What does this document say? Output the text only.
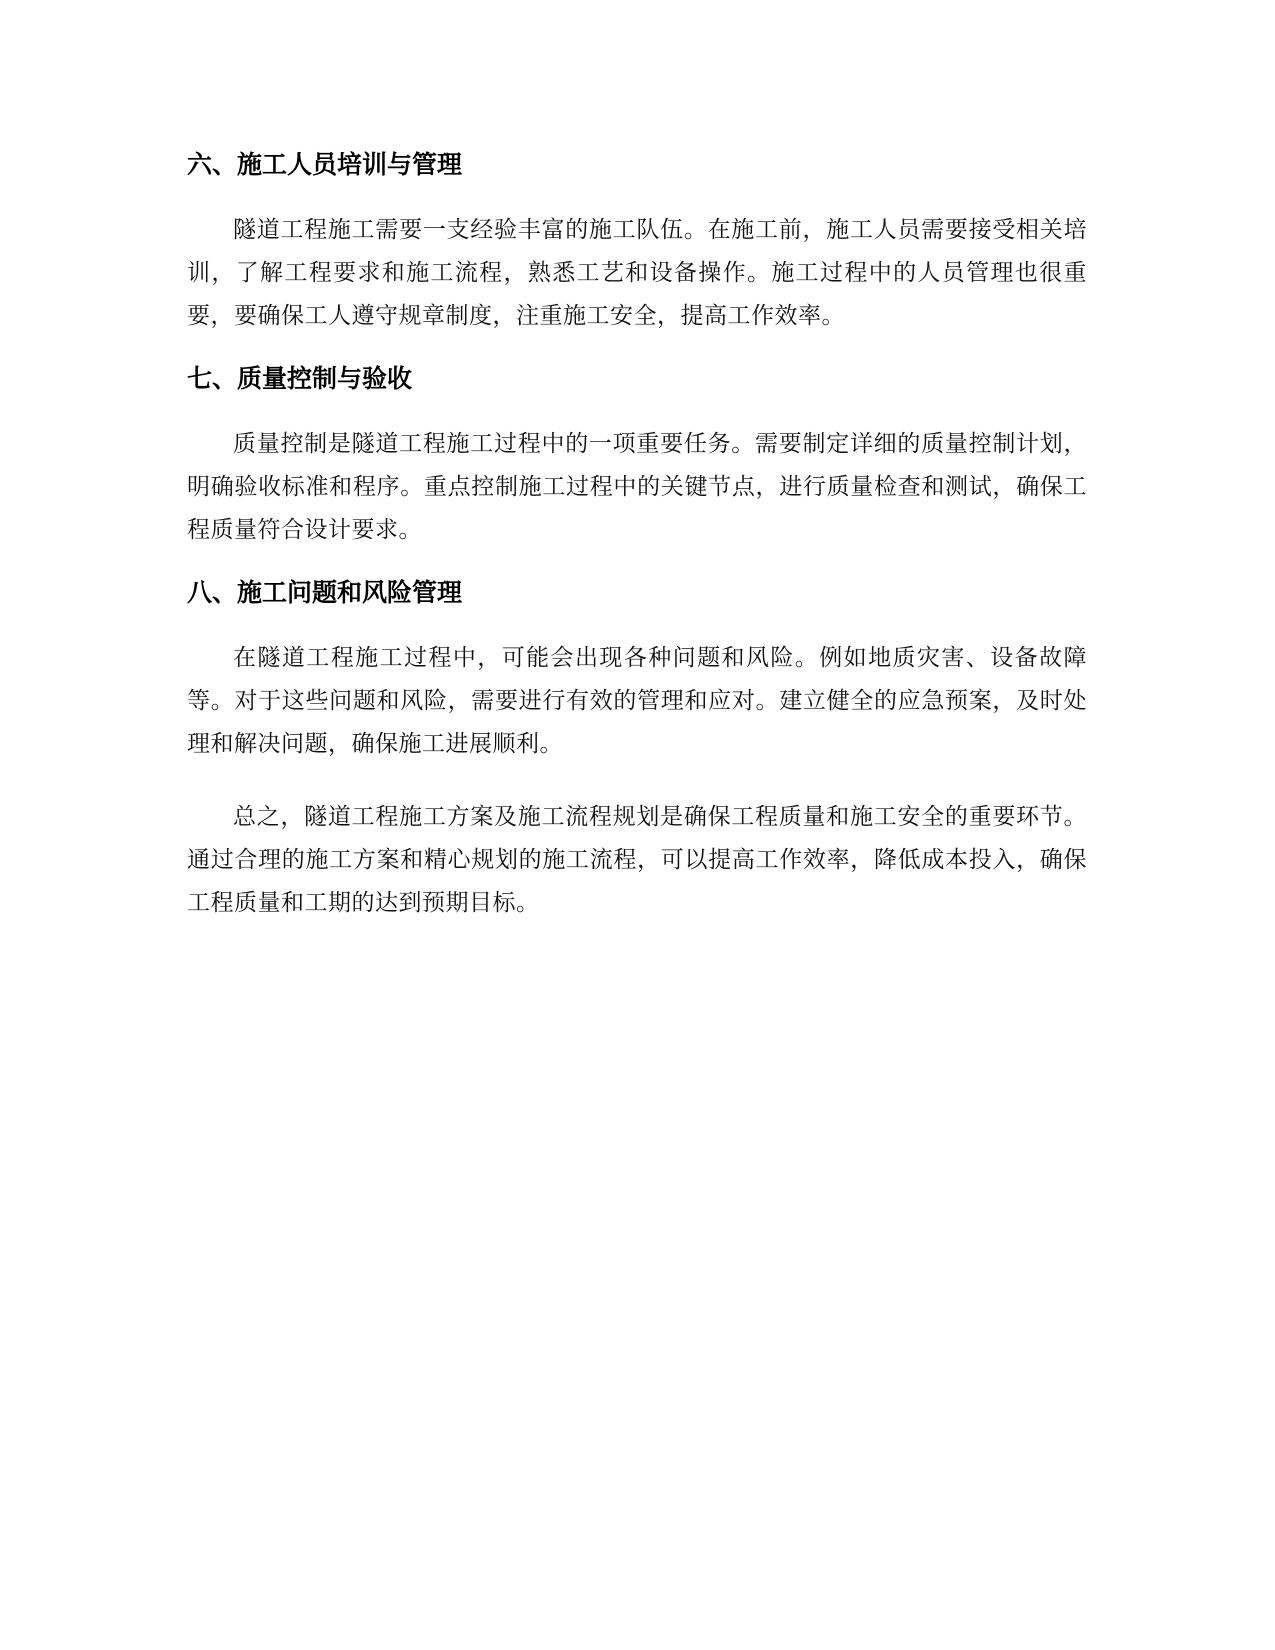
六、施工人员培训与管理

隧道工程施工需要一支经验丰富的施工队伍。在施工前，施工人员需要接受相关培训，了解工程要求和施工流程，熟悉工艺和设备操作。施工过程中的人员管理也很重要，要确保工人遵守规章制度，注重施工安全，提高工作效率。

七、质量控制与验收

质量控制是隧道工程施工过程中的一项重要任务。需要制定详细的质量控制计划，明确验收标准和程序。重点控制施工过程中的关键节点，进行质量检查和测试，确保工程质量符合设计要求。

八、施工问题和风险管理

在隧道工程施工过程中，可能会出现各种问题和风险。例如地质灾害、设备故障等。对于这些问题和风险，需要进行有效的管理和应对。建立健全的应急预案，及时处理和解决问题，确保施工进展顺利。

总之，隧道工程施工方案及施工流程规划是确保工程质量和施工安全的重要环节。通过合理的施工方案和精心规划的施工流程，可以提高工作效率，降低成本投入，确保工程质量和工期的达到预期目标。
